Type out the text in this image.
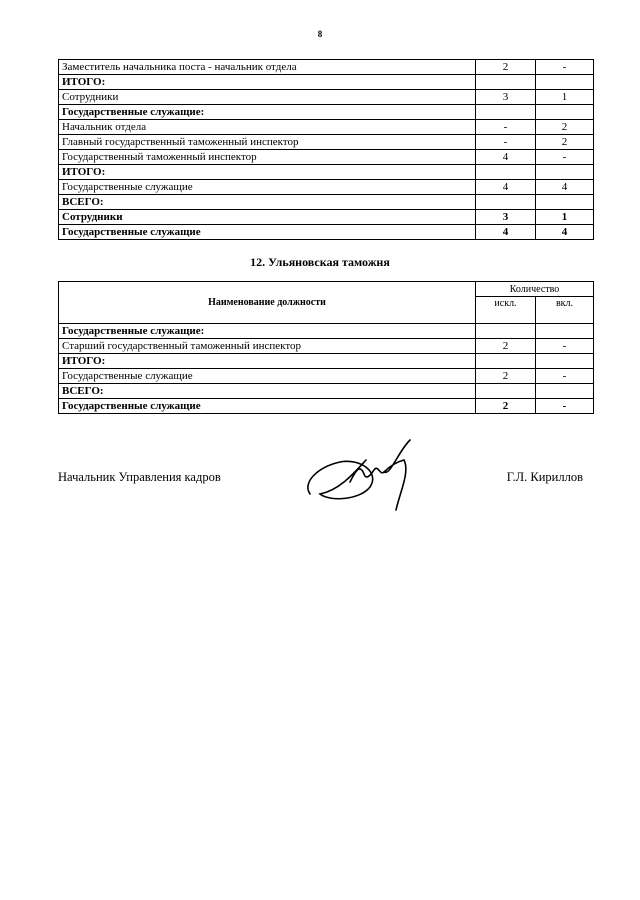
8
Заместитель начальника поста - начальник отдела	2	-
ИТОГО:		
Сотрудники	3	1
Государственные служащие:		
Начальник отдела	-	2
Главный государственный таможенный инспектор	-	2
Государственный таможенный инспектор	4	-
ИТОГО:		
Государственные служащие	4	4
ВСЕГО:		
Сотрудники	3	1
Государственные служащие	4	4
12. Ульяновская таможня
Наименование должности	Количество	
	искл.	вкл.
Государственные служащие:		
Старший государственный таможенный инспектор	2	-
ИТОГО:		
Государственные служащие	2	-
ВСЕГО:		
Государственные служащие	2	-
Начальник Управления кадров	Г.Л. Кириллов
